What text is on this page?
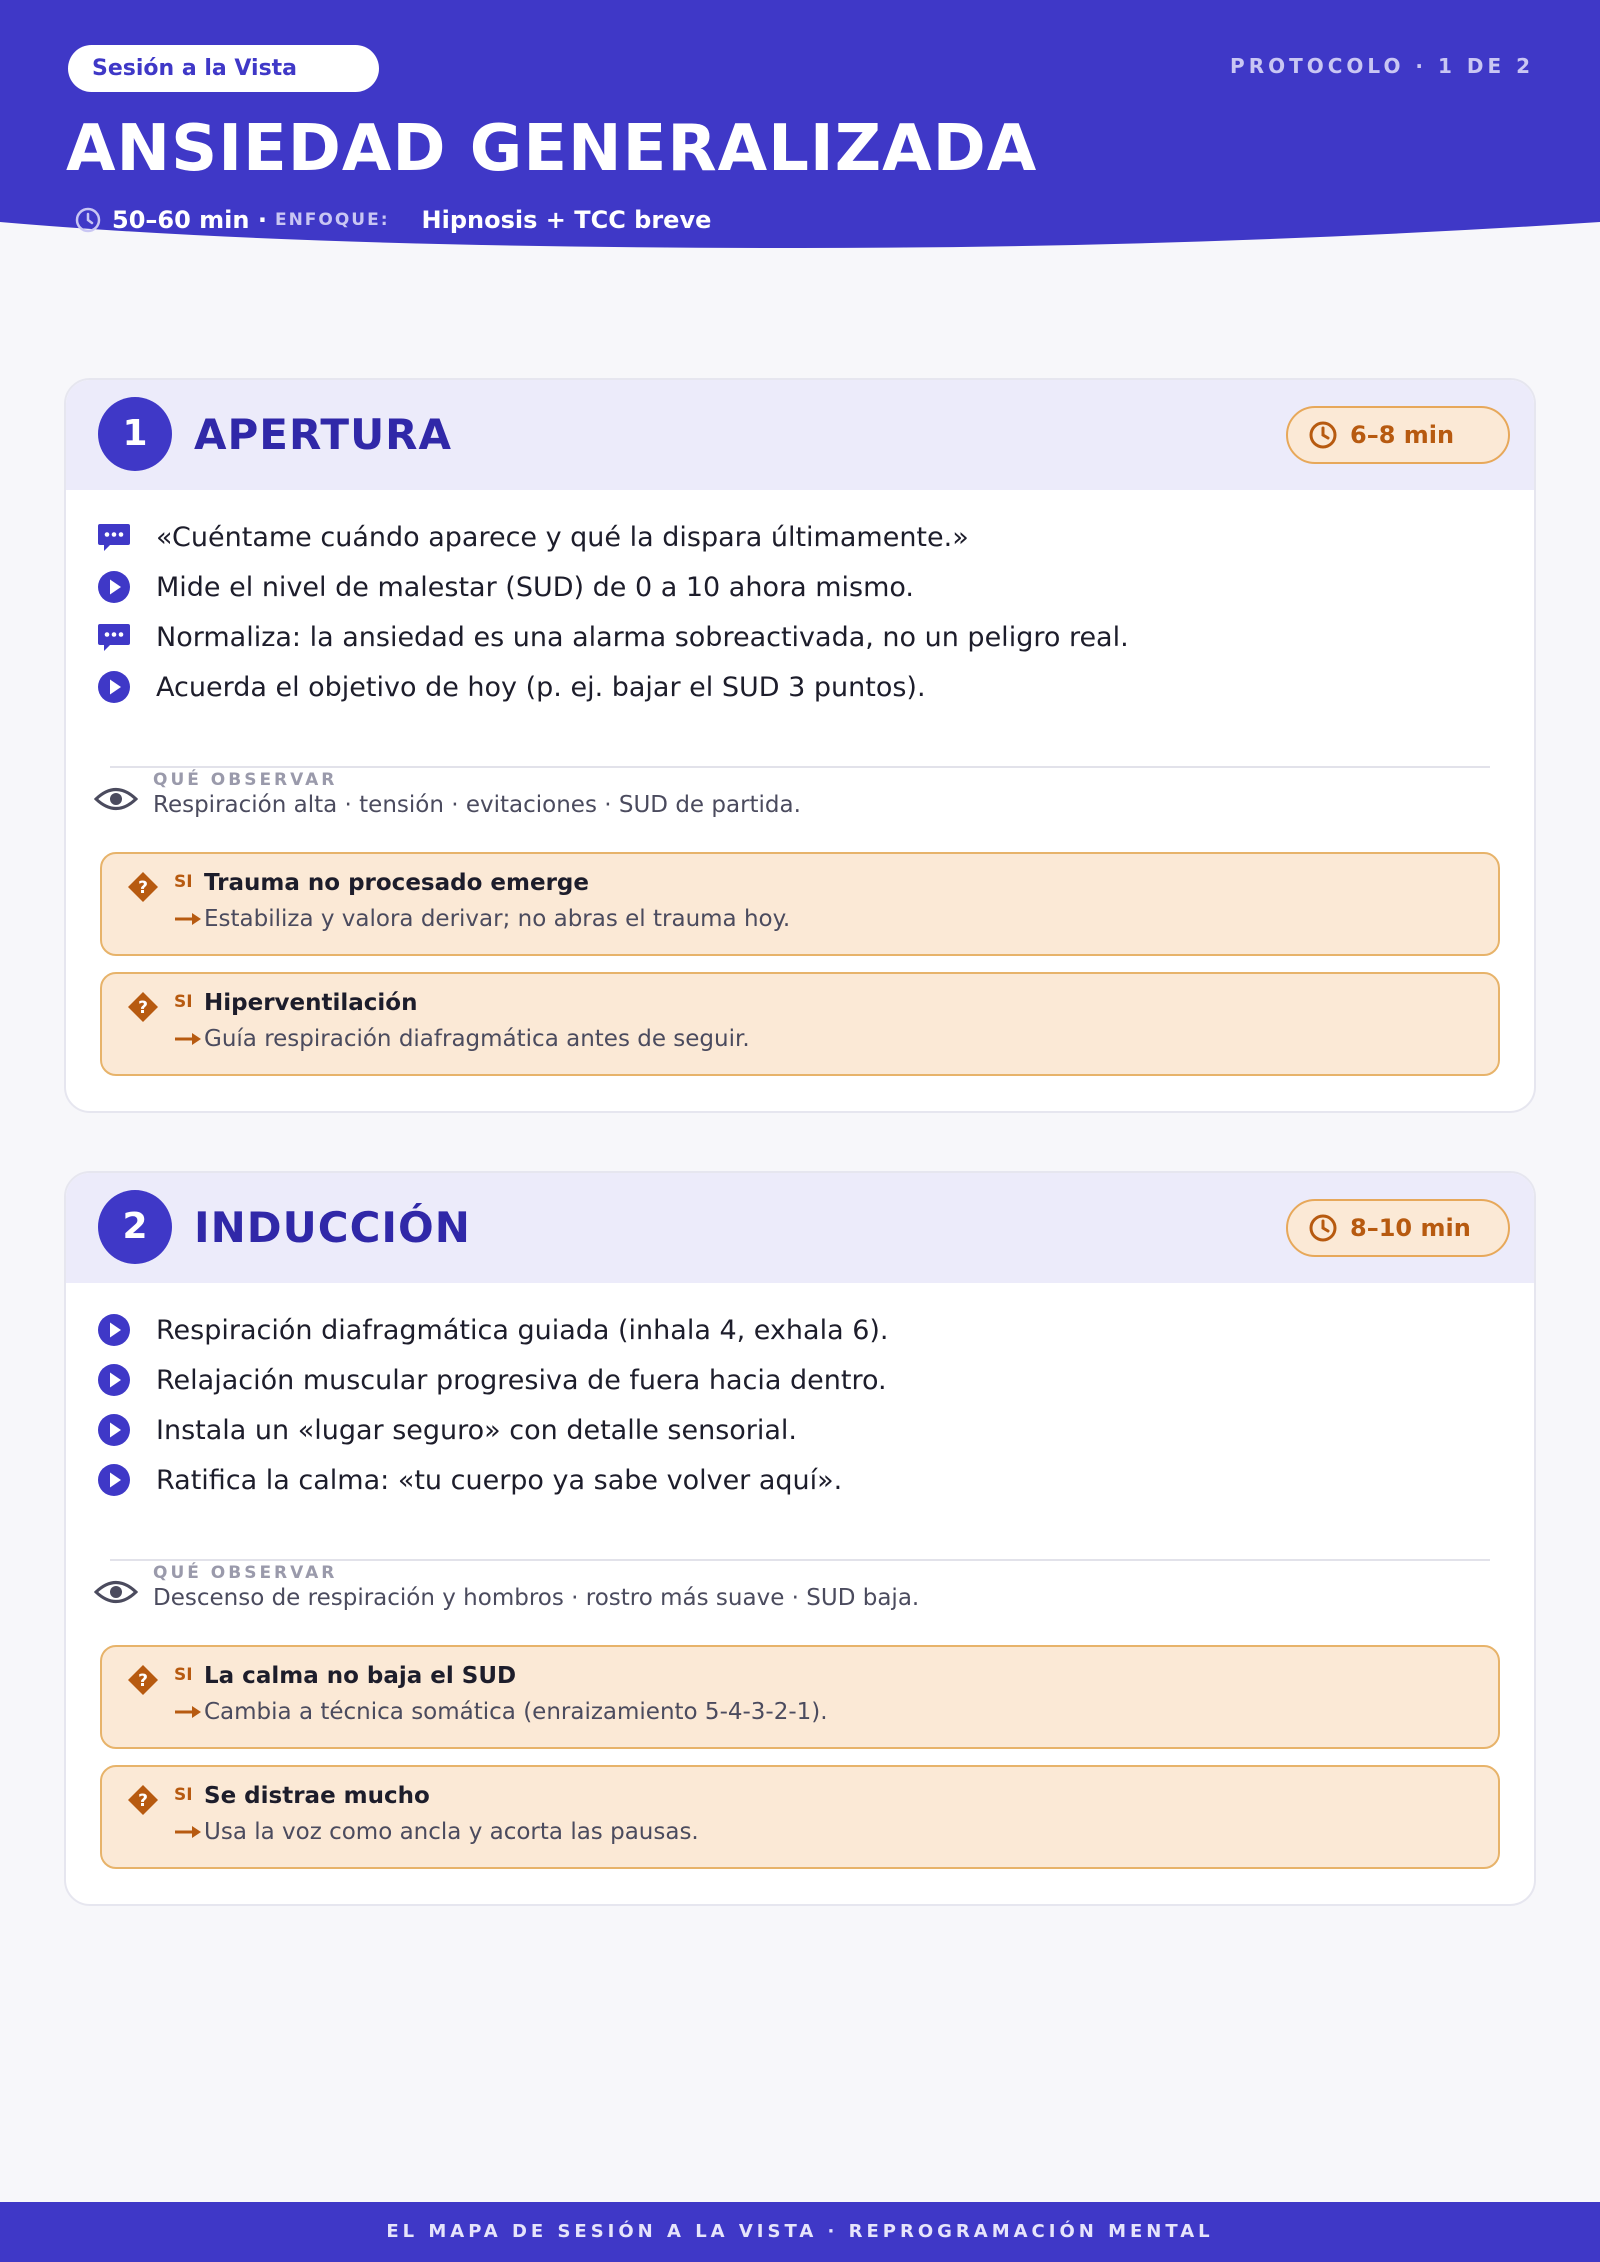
Sesión a la Vista	PROTOCOLO · 1 DE 2
ANSIEDAD GENERALIZADA
50–60 min · ENFOQUE: Hipnosis + TCC breve
1	APERTURA	6–8 min
«Cuéntame cuándo aparece y qué la dispara últimamente.»
Mide el nivel de malestar (SUD) de 0 a 10 ahora mismo.
Normaliza: la ansiedad es una alarma sobreactivada, no un peligro real.
Acuerda el objetivo de hoy (p. ej. bajar el SUD 3 puntos).
QUÉ OBSERVAR
Respiración alta · tensión · evitaciones · SUD de partida.
? SI Trauma no procesado emerge
Estabiliza y valora derivar; no abras el trauma hoy.
? SI Hiperventilación
Guía respiración diafragmática antes de seguir.
2	INDUCCIÓN	8–10 min
Respiración diafragmática guiada (inhala 4, exhala 6).
Relajación muscular progresiva de fuera hacia dentro.
Instala un «lugar seguro» con detalle sensorial.
Ratifica la calma: «tu cuerpo ya sabe volver aquí».
QUÉ OBSERVAR
Descenso de respiración y hombros · rostro más suave · SUD baja.
? SI La calma no baja el SUD
Cambia a técnica somática (enraizamiento 5-4-3-2-1).
? SI Se distrae mucho
Usa la voz como ancla y acorta las pausas.
EL MAPA DE SESIÓN A LA VISTA · REPROGRAMACIÓN MENTAL
